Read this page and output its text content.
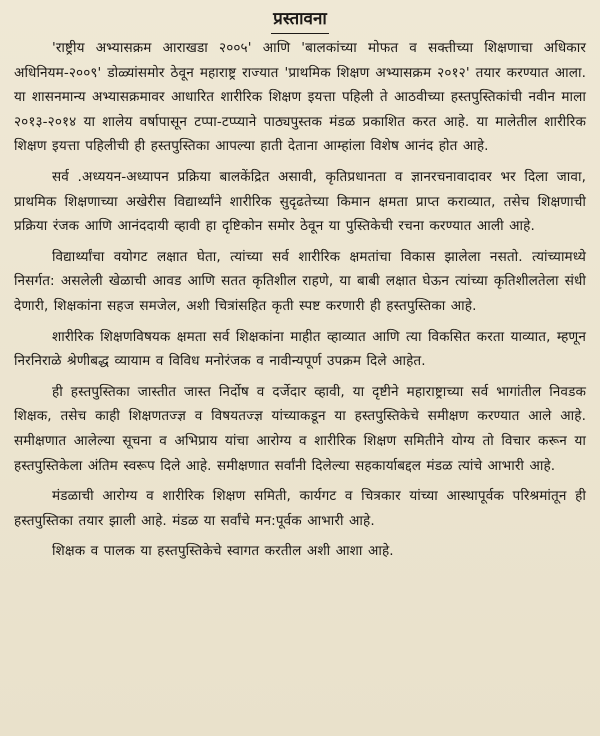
प्रस्तावना

'राष्ट्रीय अभ्यासक्रम आराखडा २००५' आणि 'बालकांच्या मोफत व सक्तीच्या शिक्षणाचा अधिकार अधिनियम-२००९' डोळ्यांसमोर ठेवून महाराष्ट्र राज्यात 'प्राथमिक शिक्षण अभ्यासक्रम २०१२' तयार करण्यात आला. या शासनमान्य अभ्यासक्रमावर आधारित शारीरिक शिक्षण इयत्ता पहिली ते आठवीच्या हस्तपुस्तिकांची नवीन माला २०१३-२०१४ या शालेय वर्षापासून टप्पा-टप्प्याने पाठ्यपुस्तक मंडळ प्रकाशित करत आहे. या मालेतील शारीरिक शिक्षण इयत्ता पहिलीची ही हस्तपुस्तिका आपल्या हाती देताना आम्हांला विशेष आनंद होत आहे.

सर्व .अध्ययन-अध्यापन प्रक्रिया बालकेंद्रित असावी, कृतिप्रधानता व ज्ञानरचनावादावर भर दिला जावा, प्राथमिक शिक्षणाच्या अखेरीस विद्यार्थ्यांने शारीरिक सुदृढतेच्या किमान क्षमता प्राप्त कराव्यात, तसेच शिक्षणाची प्रक्रिया रंजक आणि आनंददायी व्हावी हा दृष्टिकोन समोर ठेवून या पुस्तिकेची रचना करण्यात आली आहे.

विद्यार्थ्यांचा वयोगट लक्षात घेता, त्यांच्या सर्व शारीरिक क्षमतांचा विकास झालेला नसतो. त्यांच्यामध्ये निसर्गत: असलेली खेळाची आवड आणि सतत कृतिशील राहणे, या बाबी लक्षात घेऊन त्यांच्या कृतिशीलतेला संधी देणारी, शिक्षकांना सहज समजेल, अशी चित्रांसहित कृती स्पष्ट करणारी ही हस्तपुस्तिका आहे.

शारीरिक शिक्षणविषयक क्षमता सर्व शिक्षकांना माहीत व्हाव्यात आणि त्या विकसित करता याव्यात, म्हणून निरनिराळे श्रेणीबद्ध व्यायाम व विविध मनोरंजक व नावीन्यपूर्ण उपक्रम दिले आहेत.

ही हस्तपुस्तिका जास्तीत जास्त निर्दोष व दर्जेदार व्हावी, या दृष्टीने महाराष्ट्राच्या सर्व भागांतील निवडक शिक्षक, तसेच काही शिक्षणतज्ज्ञ व विषयतज्ज्ञ यांच्याकडून या हस्तपुस्तिकेचे समीक्षण करण्यात आले आहे. समीक्षणात आलेल्या सूचना व अभिप्राय यांचा आरोग्य व शारीरिक शिक्षण समितीने योग्य तो विचार करून या हस्तपुस्तिकेला अंतिम स्वरूप दिले आहे. समीक्षणात सर्वांनी दिलेल्या सहकार्याबद्दल मंडळ त्यांचे आभारी आहे.

मंडळाची आरोग्य व शारीरिक शिक्षण समिती, कार्यगट व चित्रकार यांच्या आस्थापूर्वक परिश्रमांतून ही हस्तपुस्तिका तयार झाली आहे. मंडळ या सर्वांचे मन:पूर्वक आभारी आहे.

शिक्षक व पालक या हस्तपुस्तिकेचे स्वागत करतील अशी आशा आहे.
